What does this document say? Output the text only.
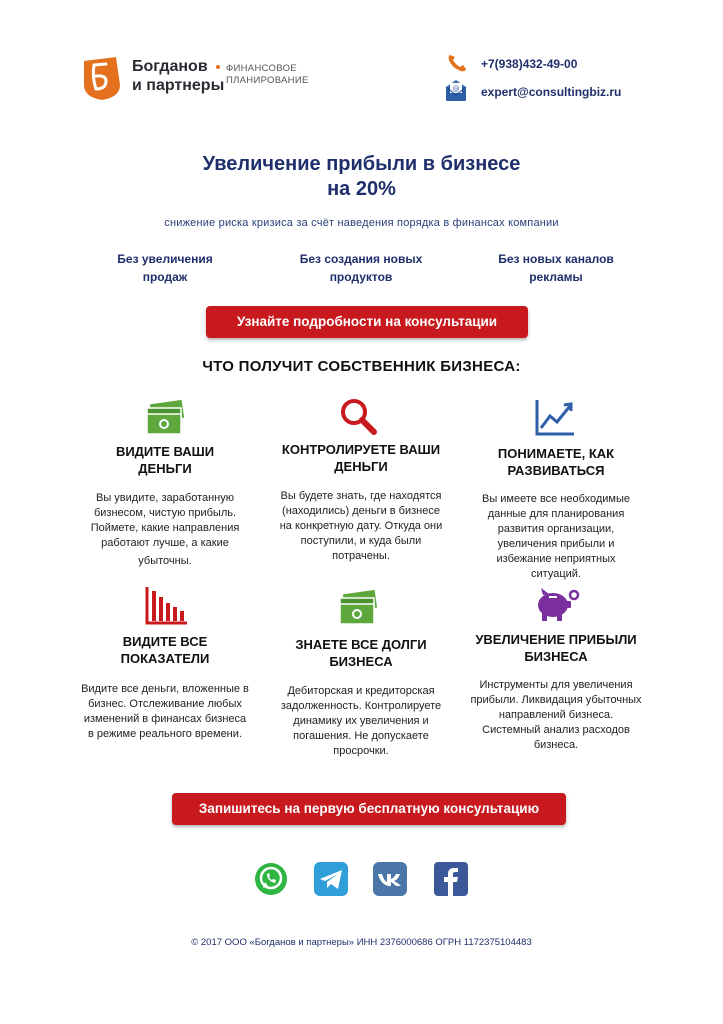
Богданов
и партнеры
ФИНАНСОВОЕ
ПЛАНИРОВАНИЕ
+7(938)432-49-00
@ expert@consultingbiz.ru
Увеличение прибыли в бизнесе
на 20%
снижение риска кризиса за счёт наведения порядка в финансах компании
Без увеличения
продаж
Без создания новых
продуктов
Без новых каналов
рекламы
Узнайте подробности на консультации
ЧТО ПОЛУЧИТ СОБСТВЕННИК БИЗНЕСА:
ВИДИТЕ ВАШИ
ДЕНЬГИ
Вы увидите, заработанную
бизнесом, чистую прибыль.
Поймете, какие направления
работают лучше, а какие
убыточны.
КОНТРОЛИРУЕТЕ ВАШИ
ДЕНЬГИ
Вы будете знать, где находятся
(находились) деньги в бизнесе
на конкретную дату. Откуда они
поступили, и куда были
потрачены.
ПОНИМАЕТЕ, КАК
РАЗВИВАТЬСЯ
Вы имеете все необходимые
данные для планирования
развития организации,
увеличения прибыли и
избежание неприятных
ситуаций.
ВИДИТЕ ВСЕ
ПОКАЗАТЕЛИ
Видите все деньги, вложенные в
бизнес. Отслеживание любых
изменений в финансах бизнеса
в режиме реального времени.
ЗНАЕТЕ ВСЕ ДОЛГИ
БИЗНЕСА
Дебиторская и кредиторская
задолженность. Контролируете
динамику их увеличения и
погашения. Не допускаете
просрочки.
УВЕЛИЧЕНИЕ ПРИБЫЛИ
БИЗНЕСА
Инструменты для увеличения
прибыли. Ликвидация убыточных
направлений бизнеса.
Системный анализ расходов
бизнеса.
Запишитесь на первую бесплатную консультацию
© 2017 ООО «Богданов и партнеры» ИНН 2376000686 ОГРН 1172375104483
